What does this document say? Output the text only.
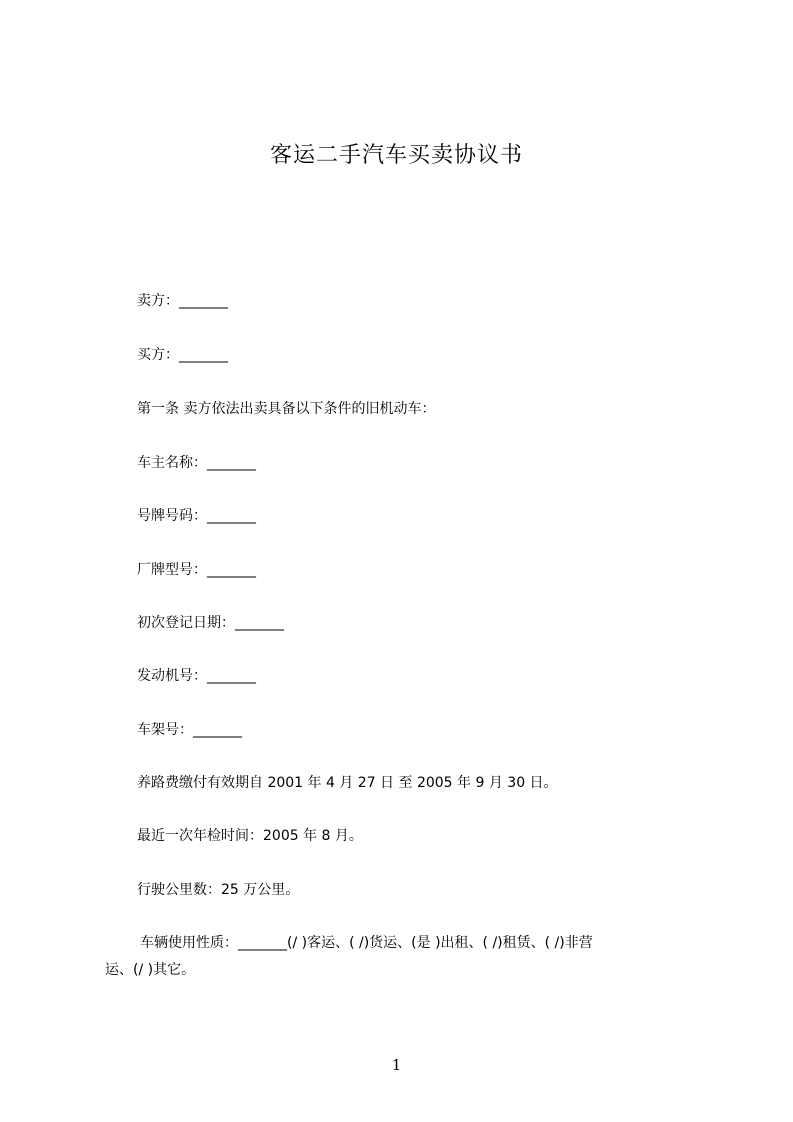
客运二手汽车买卖协议书
卖方：_______
买方：_______
第一条 卖方依法出卖具备以下条件的旧机动车：
车主名称：_______
号牌号码：_______
厂牌型号：_______
初次登记日期：_______
发动机号：_______
车架号：_______
养路费缴付有效期自 2001 年 4 月 27 日 至 2005 年 9 月 30 日。
最近一次年检时间：2005 年 8 月。
行驶公里数：25 万公里。
车辆使用性质：_______(/ )客运、( /)货运、(是 )出租、( /)租赁、( /)非营
运、(/ )其它。
1
